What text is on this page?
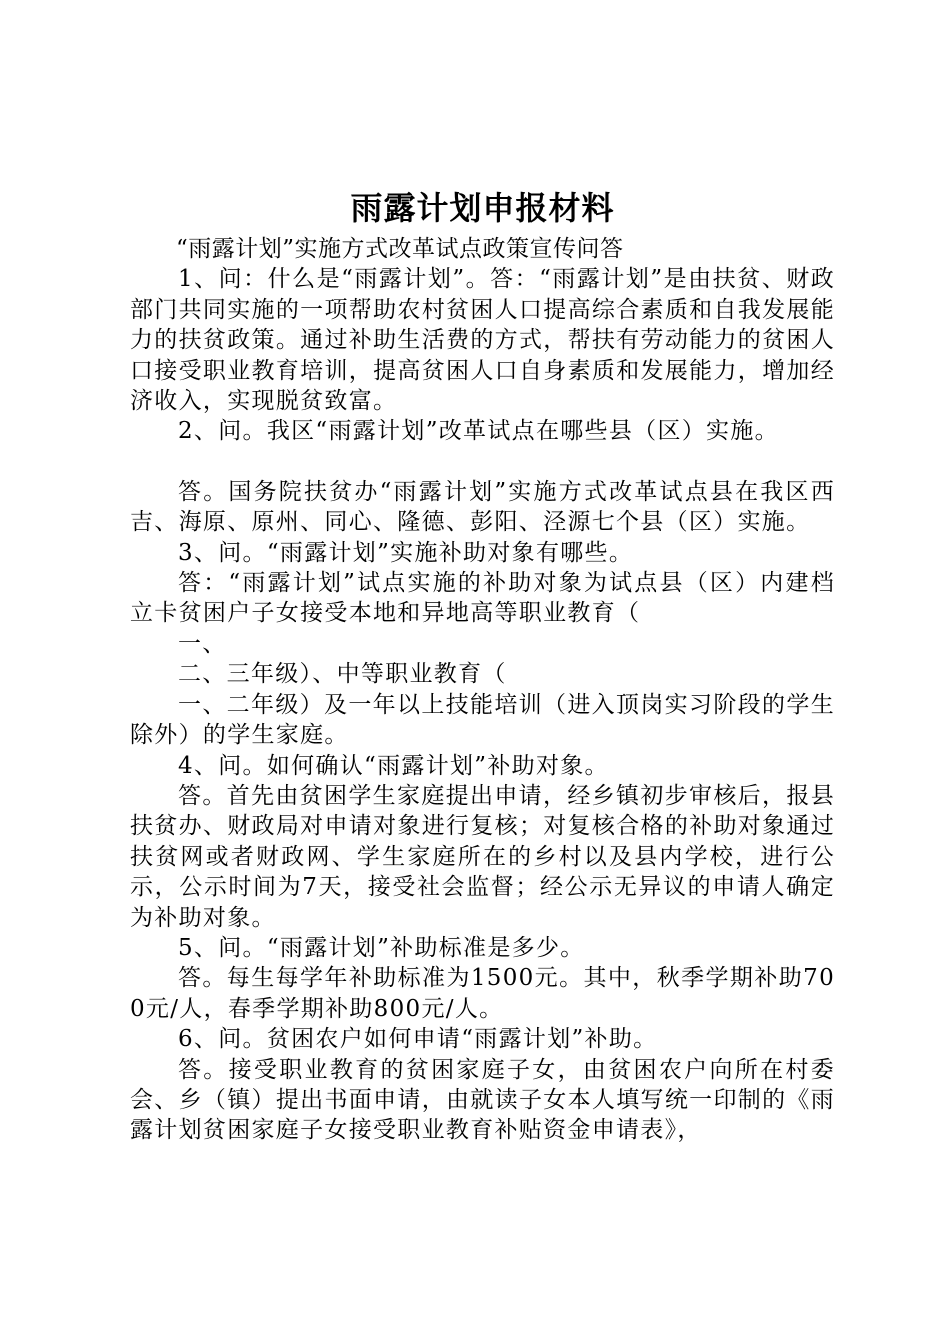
雨露计划申报材料

“雨露计划”实施方式改革试点政策宣传问答

1、问：什么是“雨露计划”。答：“雨露计划”是由扶贫、财政部门共同实施的一项帮助农村贫困人口提高综合素质和自我发展能力的扶贫政策。通过补助生活费的方式，帮扶有劳动能力的贫困人口接受职业教育培训，提高贫困人口自身素质和发展能力，增加经济收入，实现脱贫致富。

2、问。我区“雨露计划”改革试点在哪些县（区）实施。

答。国务院扶贫办“雨露计划”实施方式改革试点县在我区西吉、海原、原州、同心、隆德、彭阳、泾源七个县（区）实施。

3、问。“雨露计划”实施补助对象有哪些。

答：“雨露计划”试点实施的补助对象为试点县（区）内建档立卡贫困户子女接受本地和异地高等职业教育（

一、

二、三年级）、中等职业教育（

一、二年级）及一年以上技能培训（进入顶岗实习阶段的学生除外）的学生家庭。

4、问。如何确认“雨露计划”补助对象。

答。首先由贫困学生家庭提出申请，经乡镇初步审核后，报县扶贫办、财政局对申请对象进行复核；对复核合格的补助对象通过扶贫网或者财政网、学生家庭所在的乡村以及县内学校，进行公示，公示时间为7天，接受社会监督；经公示无异议的申请人确定为补助对象。

5、问。“雨露计划”补助标准是多少。

答。每生每学年补助标准为1500元。其中，秋季学期补助700元/人，春季学期补助800元/人。

6、问。贫困农户如何申请“雨露计划”补助。

答。接受职业教育的贫困家庭子女，由贫困农户向所在村委会、乡（镇）提出书面申请，由就读子女本人填写统一印制的《雨露计划贫困家庭子女接受职业教育补贴资金申请表》，
